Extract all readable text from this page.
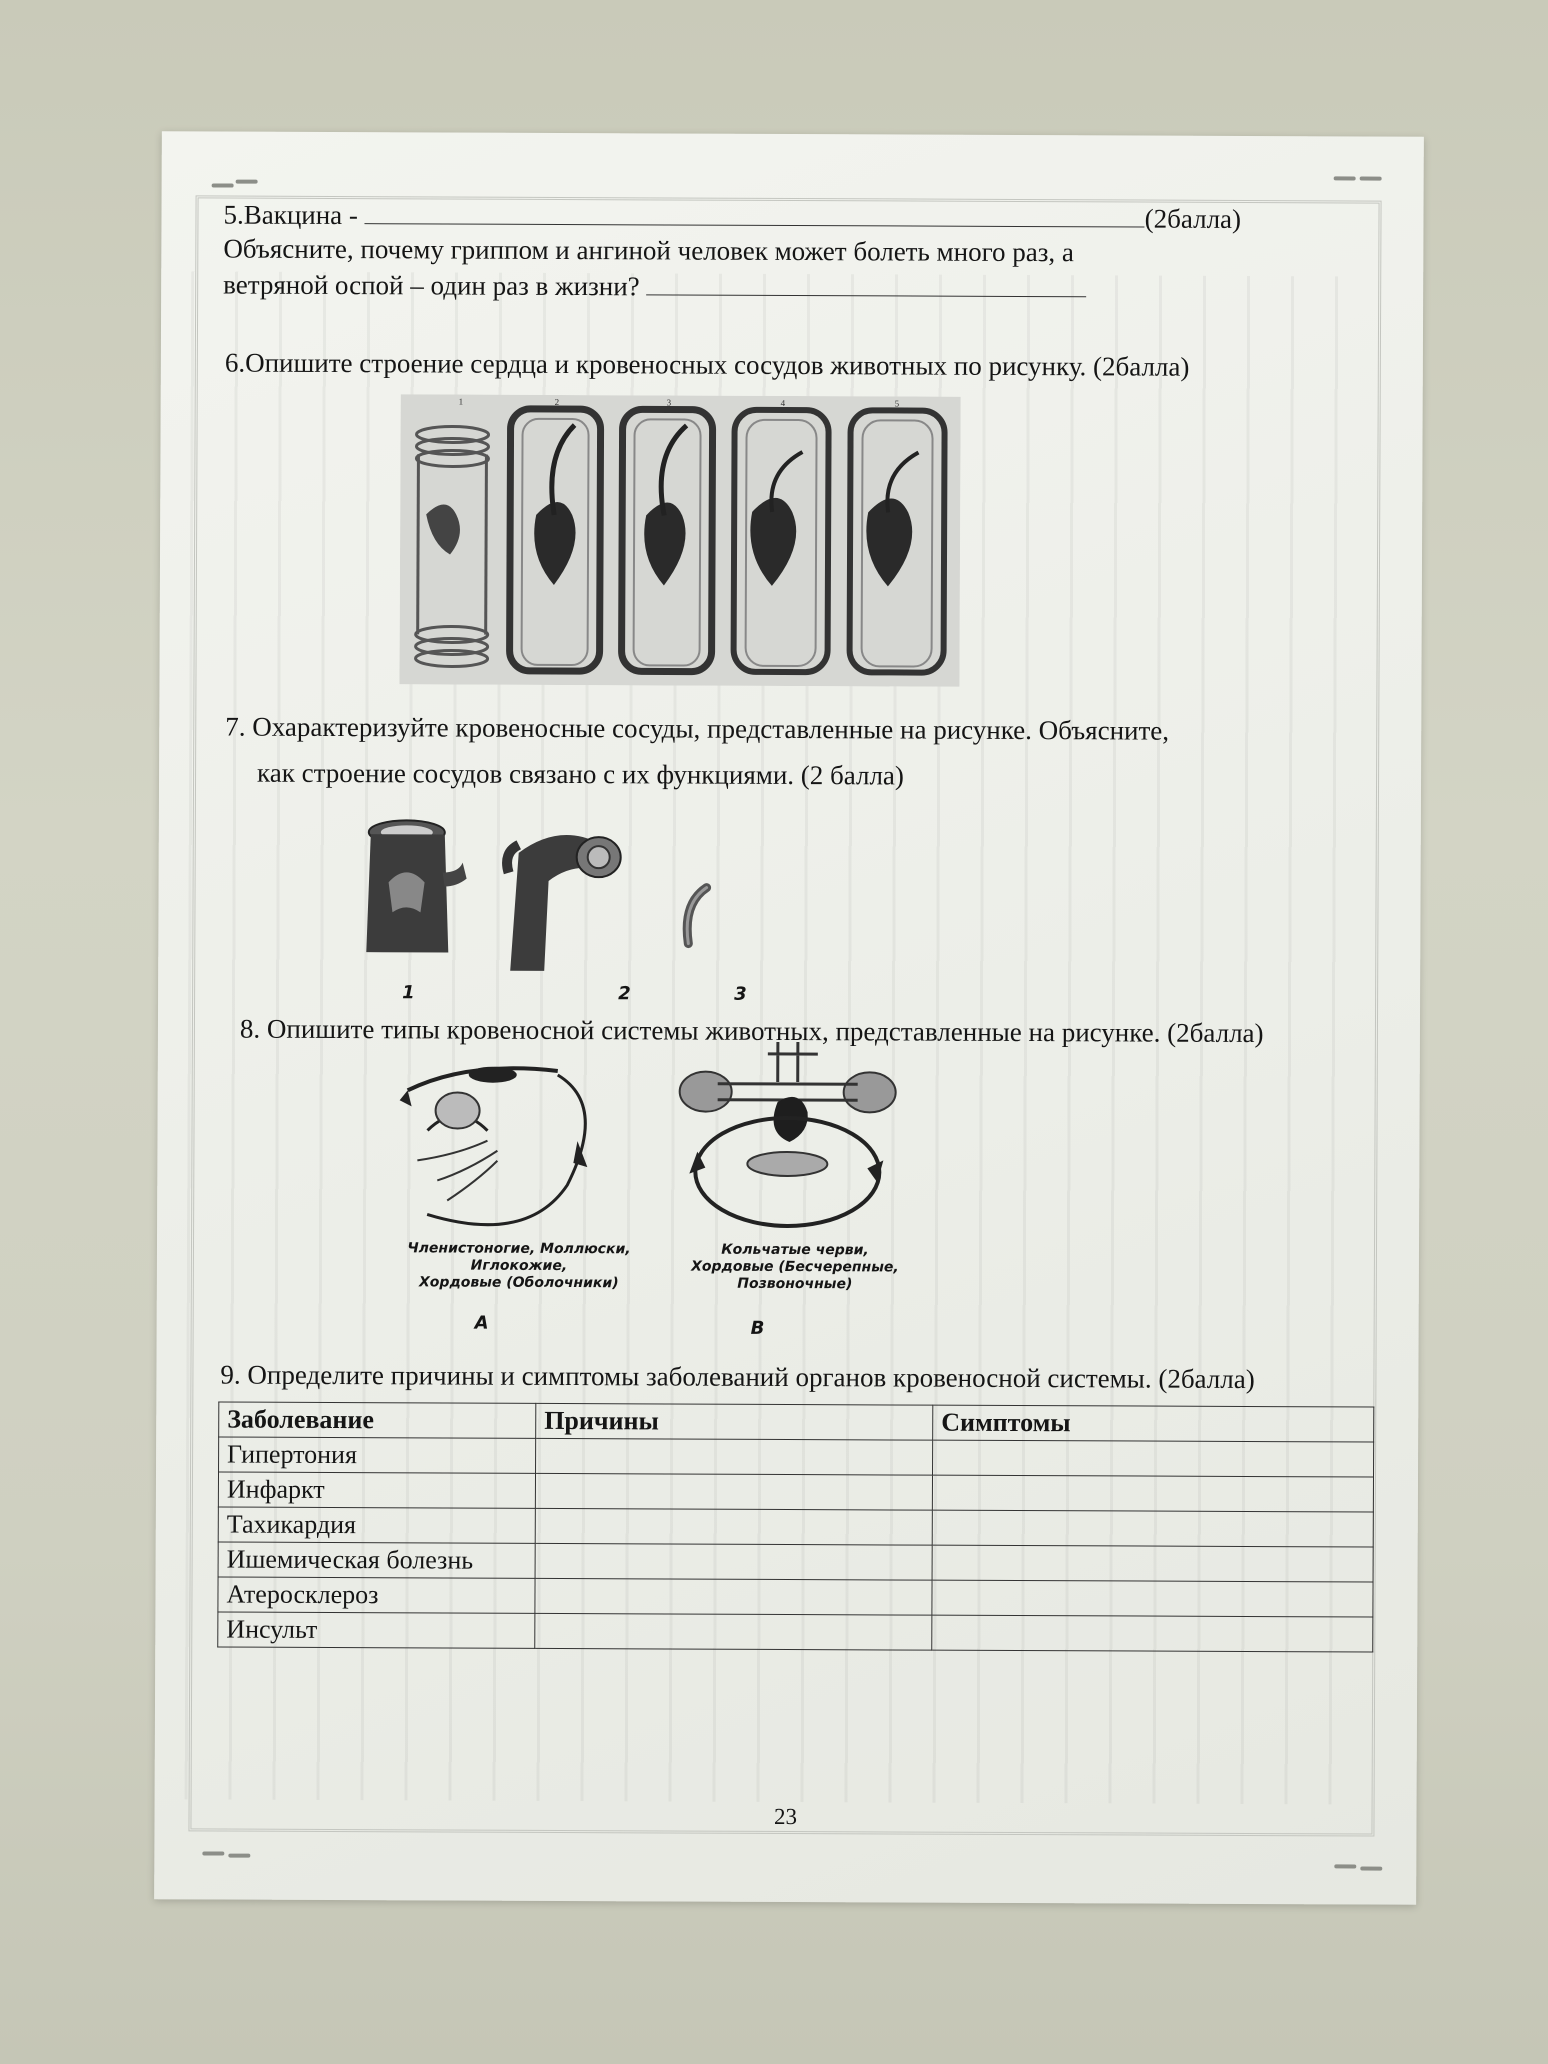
5.Вакцина -	(2балла)
Объясните, почему гриппом и ангиной человек может болеть много раз, а
ветряной оспой – один раз в жизни?
6.Опишите строение сердца и кровеносных сосудов животных по рисунку. (2балла)
1	2	3	4	5
7. Охарактеризуйте кровеносные сосуды, представленные на рисунке. Объясните,
как строение сосудов связано с их функциями. (2 балла)
1	2	3
8. Опишите типы кровеносной системы животных, представленные на рисунке. (2балла)
Членистоногие, Моллюски,
Иглокожие,
Хордовые (Оболочники)
А
Кольчатые черви,
Хордовые (Бесчерепные,
Позвоночные)
В
9. Определите причины и симптомы заболеваний органов кровеносной системы. (2балла)
Заболевание	Причины	Симптомы
Гипертония		
Инфаркт		
Тахикардия		
Ишемическая болезнь		
Атеросклероз		
Инсульт		
23
